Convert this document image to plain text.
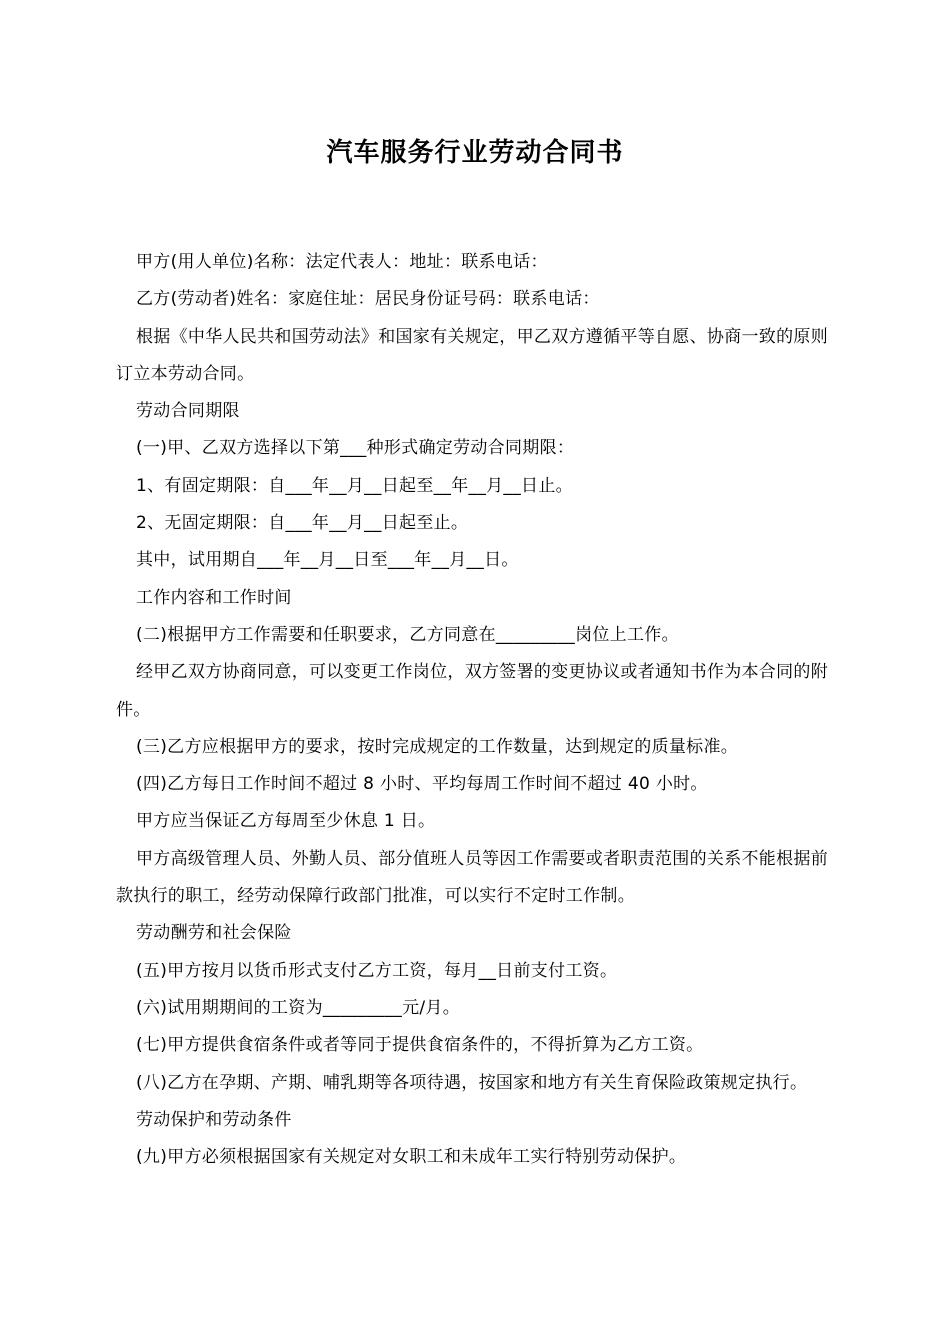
汽车服务行业劳动合同书

甲方(用人单位)名称：法定代表人：地址：联系电话：

乙方(劳动者)姓名：家庭住址：居民身份证号码：联系电话：

根据《中华人民共和国劳动法》和国家有关规定，甲乙双方遵循平等自愿、协商一致的原则订立本劳动合同。

劳动合同期限

(一)甲、乙双方选择以下第___种形式确定劳动合同期限：

1、有固定期限：自___年__月__日起至__年__月__日止。

2、无固定期限：自___年__月__日起至止。

其中，试用期自___年__月__日至___年__月__日。

工作内容和工作时间

(二)根据甲方工作需要和任职要求，乙方同意在_________岗位上工作。

经甲乙双方协商同意，可以变更工作岗位，双方签署的变更协议或者通知书作为本合同的附件。

(三)乙方应根据甲方的要求，按时完成规定的工作数量，达到规定的质量标准。

(四)乙方每日工作时间不超过 8 小时、平均每周工作时间不超过 40 小时。

甲方应当保证乙方每周至少休息 1 日。

甲方高级管理人员、外勤人员、部分值班人员等因工作需要或者职责范围的关系不能根据前款执行的职工，经劳动保障行政部门批准，可以实行不定时工作制。

劳动酬劳和社会保险

(五)甲方按月以货币形式支付乙方工资，每月__日前支付工资。

(六)试用期期间的工资为_________元/月。

(七)甲方提供食宿条件或者等同于提供食宿条件的，不得折算为乙方工资。

(八)乙方在孕期、产期、哺乳期等各项待遇，按国家和地方有关生育保险政策规定执行。

劳动保护和劳动条件

(九)甲方必须根据国家有关规定对女职工和未成年工实行特别劳动保护。
